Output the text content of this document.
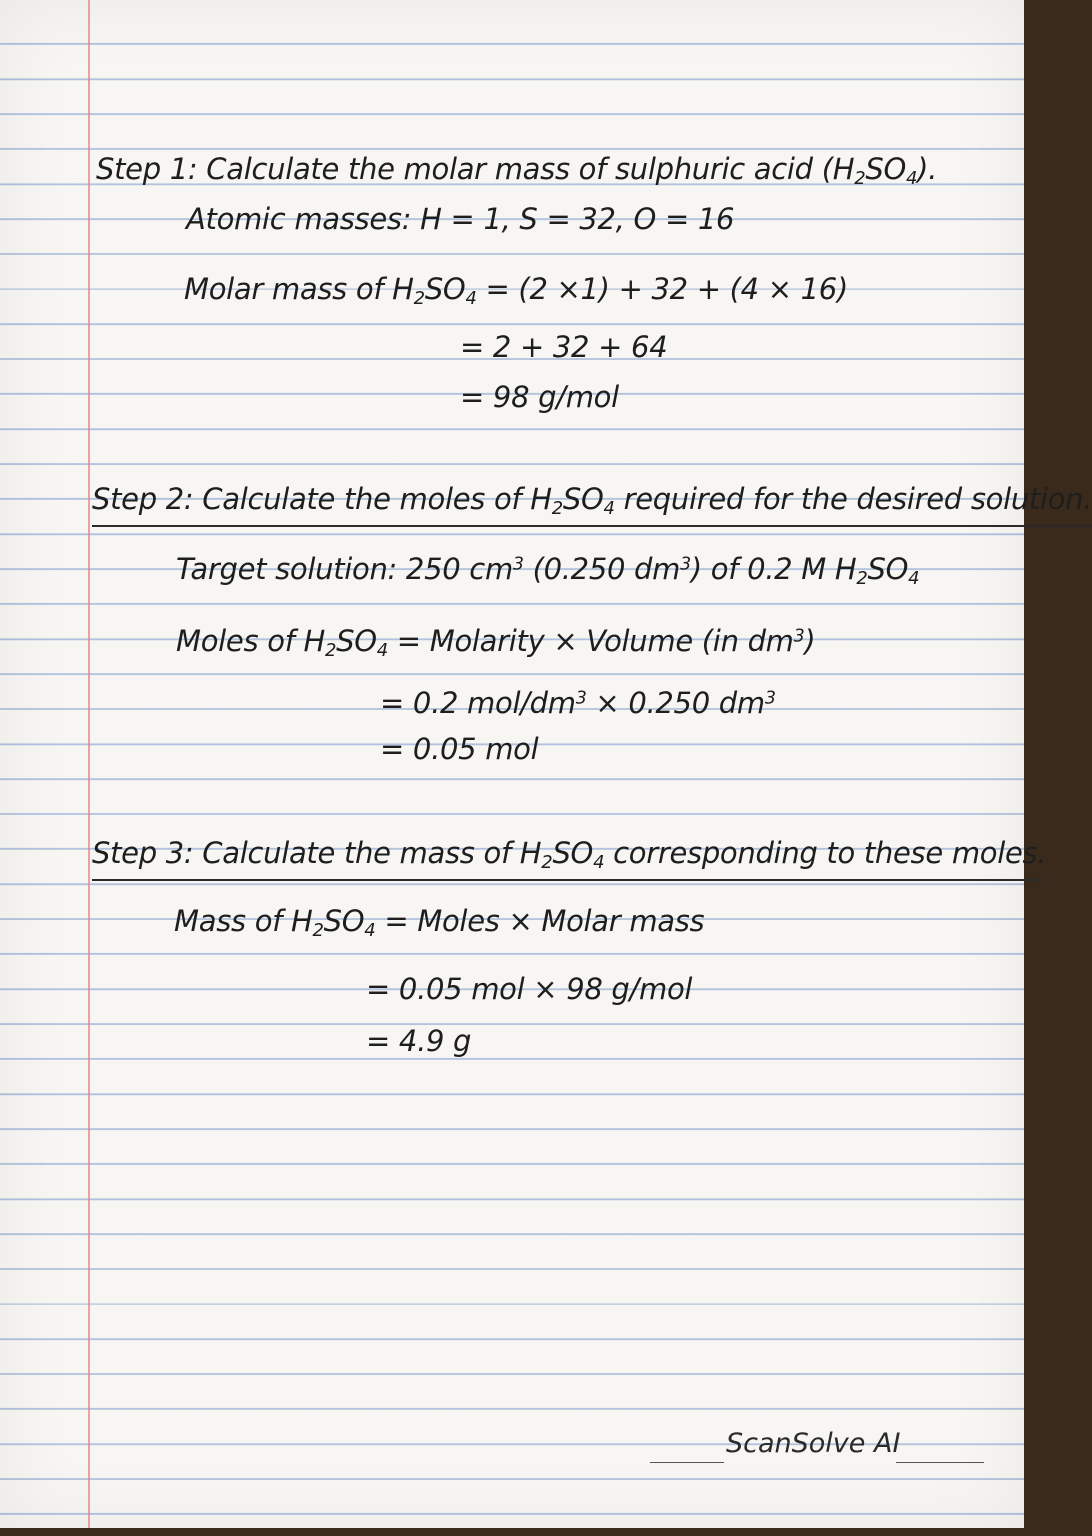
Step 1: Calculate the molar mass of sulphuric acid $(H_2SO_4)$.
Atomic masses: H = 1, S = 32, O = 16
Molar mass of $H_2SO_4 = (2 \times 1) + 32 + (4 \times 16)$
= 2 + 32 + 64
= 98 g/mol
Step 2: Calculate the moles of $H_2SO_4$ required for the desired solution.
Target solution: 250 $cm^3$ (0.250 $dm^3$) of 0.2 M $H_2SO_4$
Moles of $H_2SO_4$ = Molarity × Volume (in $dm^3$)
= 0.2 mol/$dm^3 \times 0.250$ $dm^3$
= 0.05 mol
Step 3: Calculate the mass of $H_2SO_4$ corresponding to these moles.
Mass of $H_2SO_4$ = Moles × Molar mass
= 0.05 mol × 98 g/mol
= 4.9 g
ScanSolve AI
